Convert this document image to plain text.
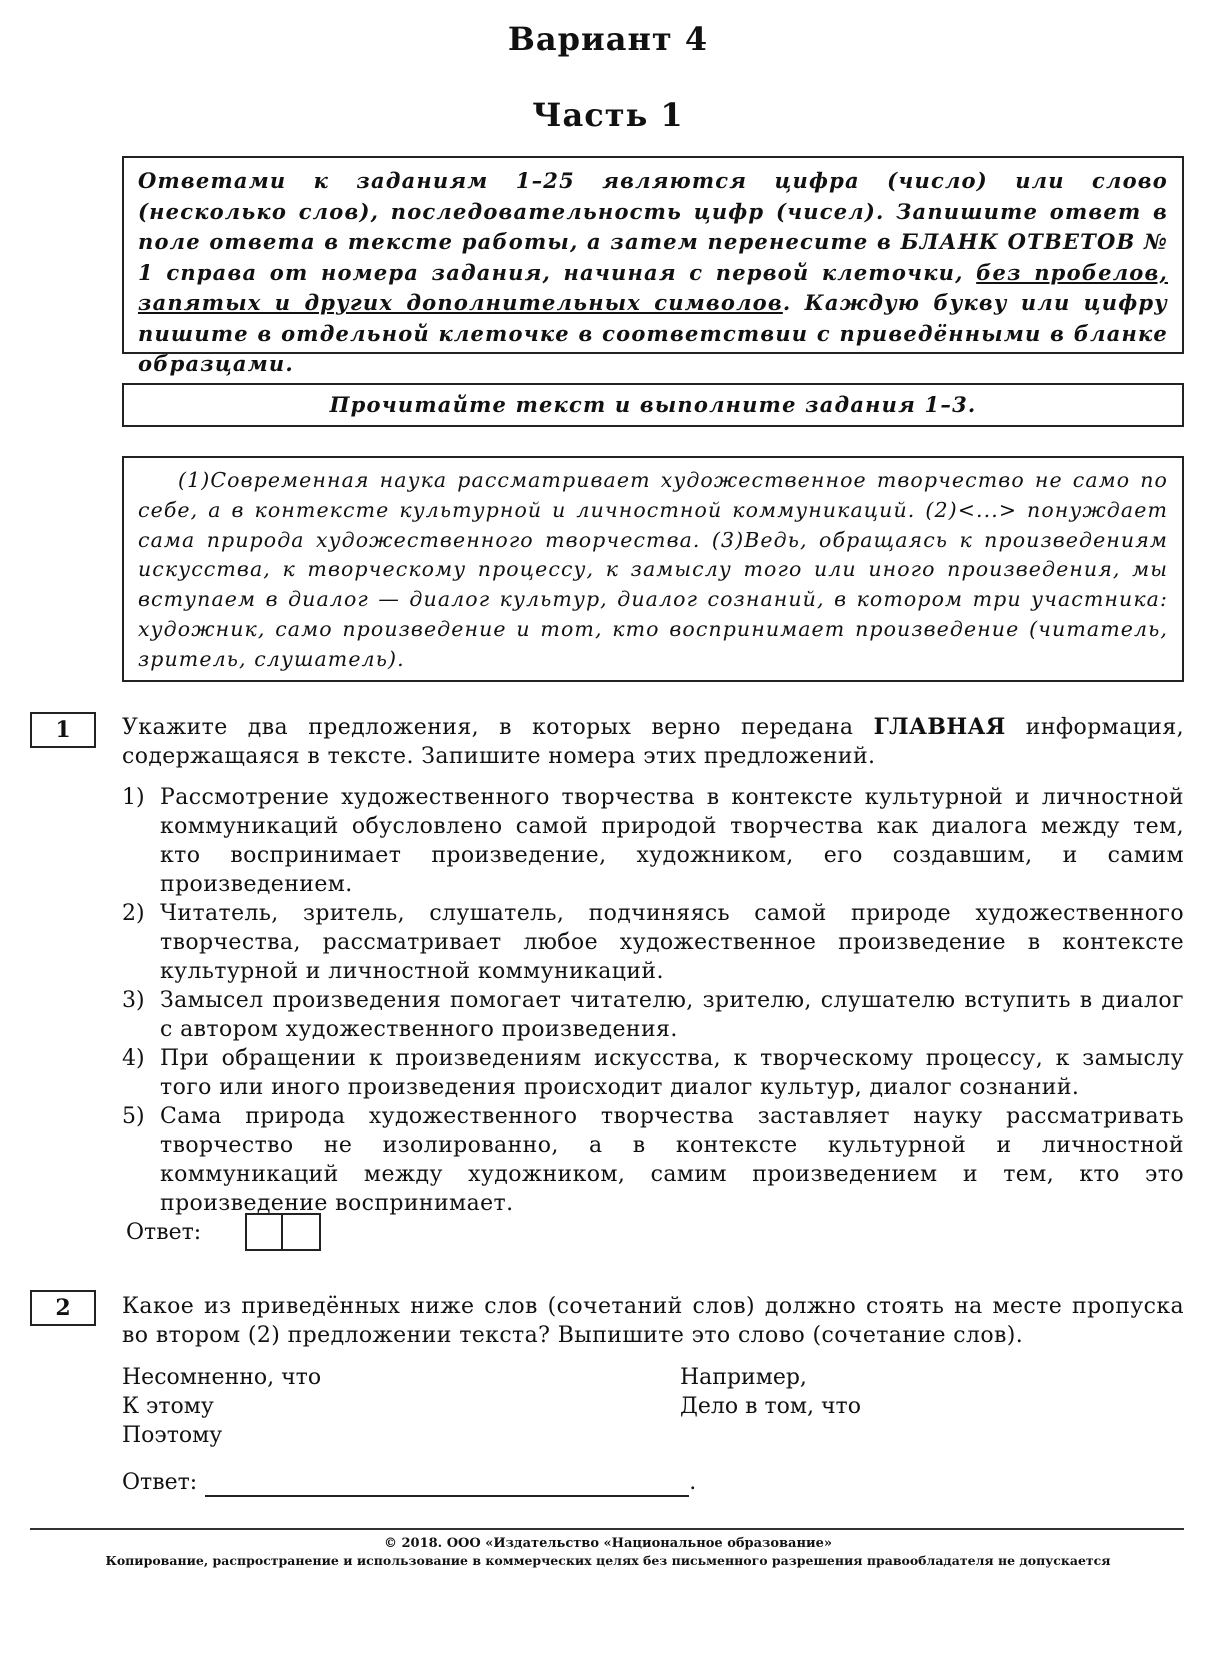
Вариант 4
Часть 1
Ответами к заданиям 1–25 являются цифра (число) или слово (несколько слов), последовательность цифр (чисел). Запишите ответ в поле ответа в тексте работы, а затем перенесите в БЛАНК ОТВЕТОВ № 1 справа от номера задания, начиная с первой клеточки, без пробелов, запятых и других дополнительных символов. Каждую букву или цифру пишите в отдельной клеточке в соответствии с приведёнными в бланке образцами.
Прочитайте текст и выполните задания 1–3.
(1)Современная наука рассматривает художественное творчество не само по себе, а в контексте культурной и личностной коммуникаций. (2)<...> понуждает сама природа художественного творчества. (3)Ведь, обращаясь к произведениям искусства, к творческому процессу, к замыслу того или иного произведения, мы вступаем в диалог — диалог культур, диалог сознаний, в котором три участника: художник, само произведение и тот, кто воспринимает произведение (читатель, зритель, слушатель).
1	Укажите два предложения, в которых верно передана ГЛАВНАЯ информация, содержащаяся в тексте. Запишите номера этих предложений.
1) Рассмотрение художественного творчества в контексте культурной и личностной коммуникаций обусловлено самой природой творчества как диалога между тем, кто воспринимает произведение, художником, его создавшим, и самим произведением.
2) Читатель, зритель, слушатель, подчиняясь самой природе художественного творчества, рассматривает любое художественное произведение в контексте культурной и личностной коммуникаций.
3) Замысел произведения помогает читателю, зрителю, слушателю вступить в диалог с автором художественного произведения.
4) При обращении к произведениям искусства, к творческому процессу, к замыслу того или иного произведения происходит диалог культур, диалог сознаний.
5) Сама природа художественного творчества заставляет науку рассматривать творчество не изолированно, а в контексте культурной и личностной коммуникаций между художником, самим произведением и тем, кто это произведение воспринимает.
Ответ:
2	Какое из приведённых ниже слов (сочетаний слов) должно стоять на месте пропуска во втором (2) предложении текста? Выпишите это слово (сочетание слов).
Несомненно, что
К этому
Поэтому
Например,
Дело в том, что
Ответ:	.
© 2018. ООО «Издательство «Национальное образование»
Копирование, распространение и использование в коммерческих целях без письменного разрешения правообладателя не допускается
